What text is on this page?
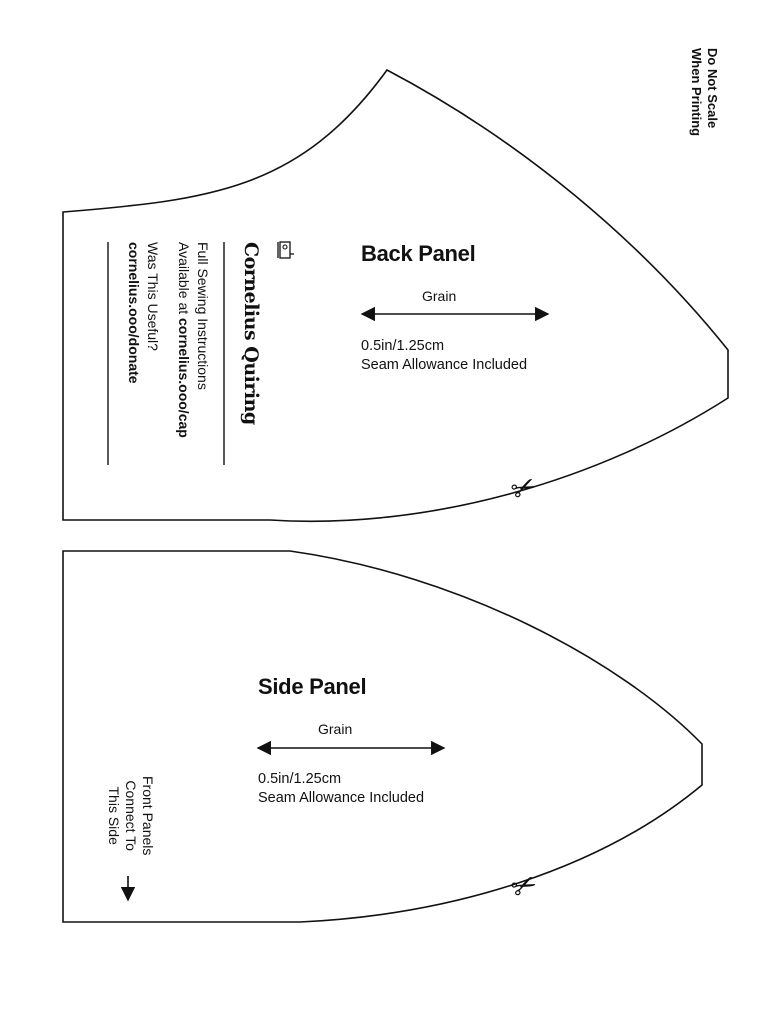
Do Not Scale
When Printing
Back Panel
Grain
0.5in/1.25cm
Seam Allowance Included
Side Panel
Grain
0.5in/1.25cm
Seam Allowance Included
Cornelius Quiring
Full Sewing Instructions
Available at cornelius.ooo/cap
Was This Useful?
cornelius.ooo/donate
Front Panels
Connect To
This Side
✂
✂
